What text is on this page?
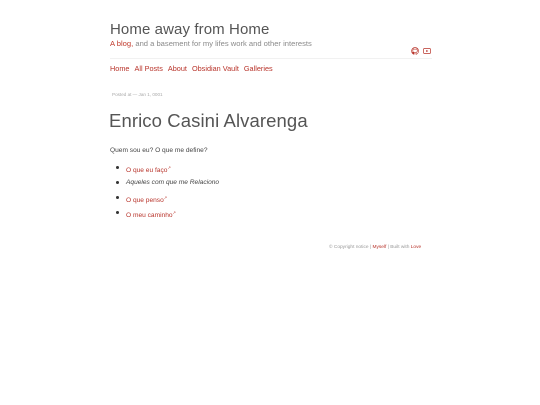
Home away from Home
A blog, and a basement for my lifes work and other interests
Home All Posts About Obsidian Vault Galleries
Posted at — Jan 1, 0001
Enrico Casini Alvarenga
Quem sou eu? O que me define?
O que eu faço↗
Aqueles com que me Relaciono
O que penso↗
O meu caminho↗
© Copyright notice | Myself | Built with Love
